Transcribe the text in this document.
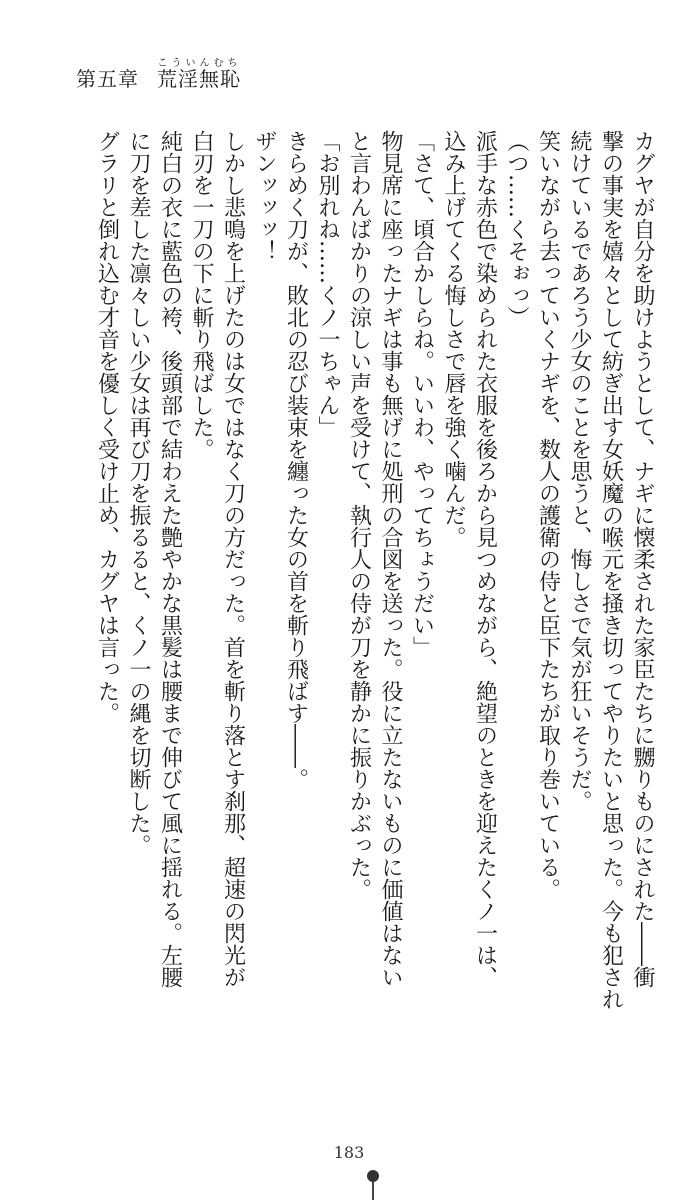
第五章 荒淫無恥こういんむち

カグヤが自分を助けようとして、ナギに懐柔された家臣たちに嬲りものにされた――衝

撃の事実を嬉々として紡ぎ出す女妖魔の喉元を掻き切ってやりたいと思った。今も犯され

続けているであろう少女のことを思うと、悔しさで気が狂いそうだ。

笑いながら去っていくナギを、数人の護衛の侍と臣下たちが取り巻いている。

（つ……くそぉっ）

派手な赤色で染められた衣服を後ろから見つめながら、絶望のときを迎えたくノ一は、

込み上げてくる悔しさで唇を強く噛んだ。

「さて、頃合かしらね。いいわ、やってちょうだい」

物見席に座ったナギは事も無げに処刑の合図を送った。役に立たないものに価値はない

と言わんばかりの涼しい声を受けて、執行人の侍が刀を静かに振りかぶった。

「お別れね……くノ一ちゃん」

きらめく刀が、敗北の忍び装束を纏った女の首を斬り飛ばす――。

ザンッッッ！

しかし悲鳴を上げたのは女ではなく刀の方だった。首を斬り落とす刹那、超速の閃光が

白刃を一刀の下に斬り飛ばした。

純白の衣に藍色の袴、後頭部で結わえた艶やかな黒髪は腰まで伸びて風に揺れる。左腰

に刀を差した凛々しい少女は再び刀を振るると、くノ一の縄を切断した。

グラリと倒れ込む才音を優しく受け止め、カグヤは言った。

183
